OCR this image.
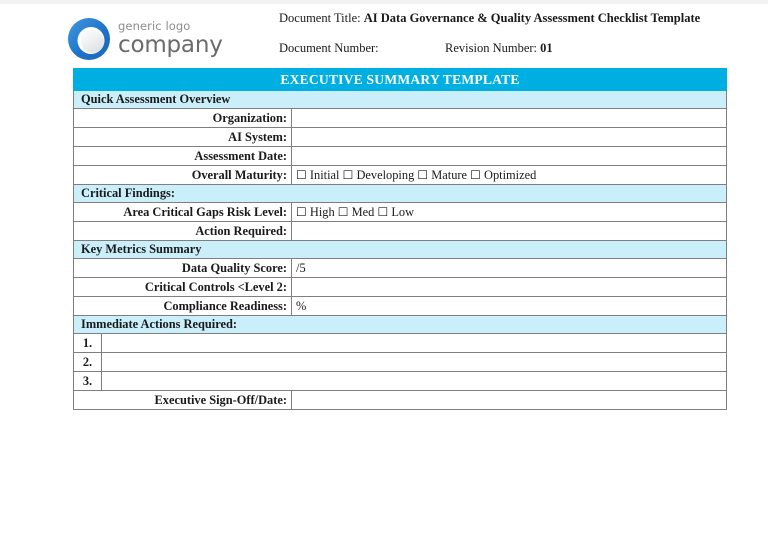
generic logo
company
Document Title: AI Data Governance & Quality Assessment Checklist Template
Document Number:	Revision Number: 01
EXECUTIVE SUMMARY TEMPLATE		
Quick Assessment Overview		
Organization:		
AI System:		
Assessment Date:		
Overall Maturity:		☐ Initial ☐ Developing ☐ Mature ☐ Optimized
Critical Findings:		
Area Critical Gaps Risk Level:		☐ High ☐ Med ☐ Low
Action Required:		
Key Metrics Summary		
Data Quality Score:		/5
Critical Controls <Level 2:		
Compliance Readiness:		%
Immediate Actions Required:		
1.		
2.		
3.		
Executive Sign-Off/Date:		
